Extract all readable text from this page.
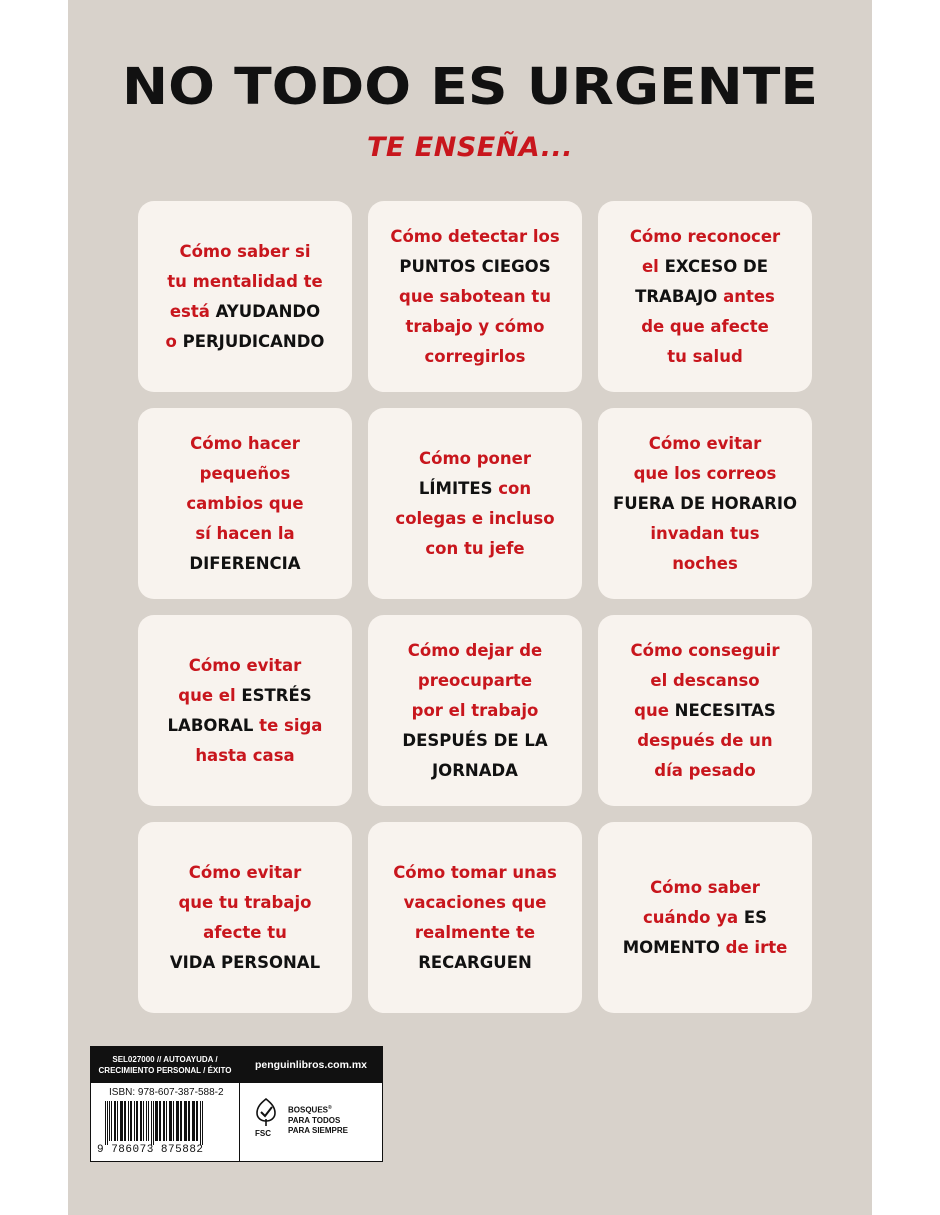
NO TODO ES URGENTE
TE ENSEÑA...
Cómo saber si
tu mentalidad te
está AYUDANDO
o PERJUDICANDO
Cómo detectar los
PUNTOS CIEGOS
que sabotean tu
trabajo y cómo
corregirlos
Cómo reconocer
el EXCESO DE
TRABAJO antes
de que afecte
tu salud
Cómo hacer
pequeños
cambios que
sí hacen la
DIFERENCIA
Cómo poner
LÍMITES con
colegas e incluso
con tu jefe
Cómo evitar
que los correos
FUERA DE HORARIO
invadan tus
noches
Cómo evitar
que el ESTRÉS
LABORAL te siga
hasta casa
Cómo dejar de
preocuparte
por el trabajo
DESPUÉS DE LA
JORNADA
Cómo conseguir
el descanso
que NECESITAS
después de un
día pesado
Cómo evitar
que tu trabajo
afecte tu
VIDA PERSONAL
Cómo tomar unas
vacaciones que
realmente te
RECARGUEN
Cómo saber
cuándo ya ES
MOMENTO de irte
SEL027000 // AUTOAYUDA /
CRECIMIENTO PERSONAL / ÉXITO	penguinlibros.com.mx
ISBN: 978-607-387-588-2
9 786073 875882
FSC
BOSQUES®
PARA TODOS
PARA SIEMPRE
